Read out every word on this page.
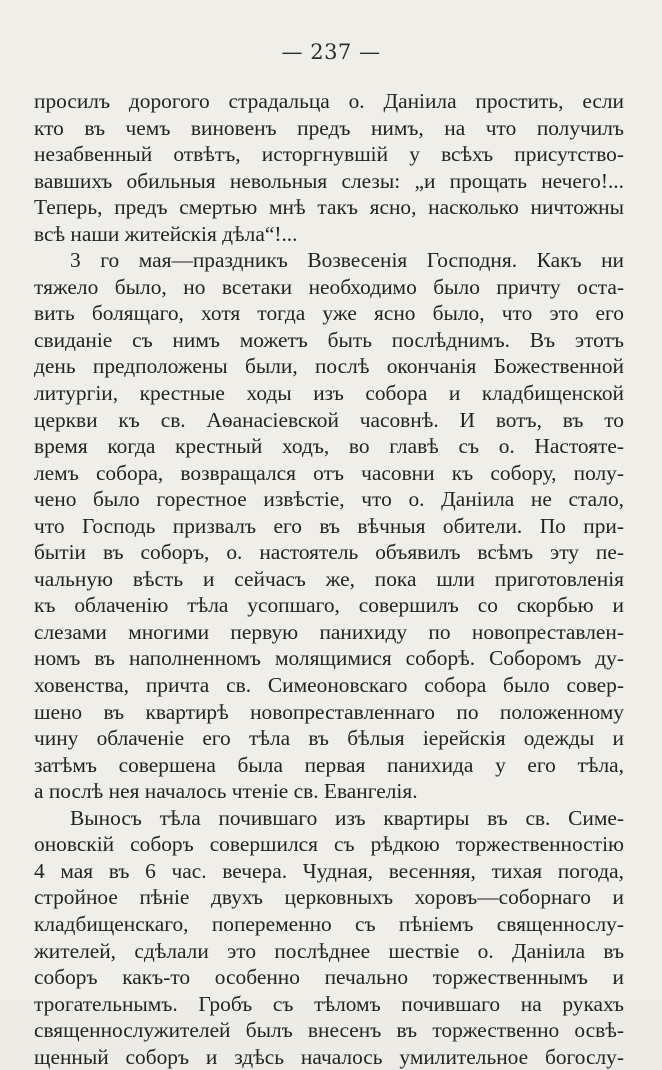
— 237 —
просилъ дорогого страдальца о. Даніила простить, если
кто въ чемъ виновенъ предъ нимъ, на что получилъ
незабвенный отвѣтъ, исторгнувшій у всѣхъ присутство-
вавшихъ обильныя невольныя слезы: „и прощать нечего!...
Теперь, предъ смертью мнѣ такъ ясно, насколько ничтожны
всѣ наши житейскія дѣла“!...
3 го мая—праздникъ Возвесенія Господня. Какъ ни
тяжело было, но всетаки необходимо было причту оста-
вить болящаго, хотя тогда уже ясно было, что это его
свиданіе съ нимъ можетъ быть послѣднимъ. Въ этотъ
день предположены были, послѣ окончанія Божественной
литургіи, крестные ходы изъ собора и кладбищенской
церкви къ св. Аѳанасіевской часовнѣ. И вотъ, въ то
время когда крестный ходъ, во главѣ съ о. Настояте-
лемъ собора, возвращался отъ часовни къ собору, полу-
чено было горестное извѣстіе, что о. Даніила не стало,
что Господь призвалъ его въ вѣчныя обители. По при-
бытіи въ соборъ, о. настоятель объявилъ всѣмъ эту пе-
чальную вѣсть и сейчасъ же, пока шли приготовленія
къ облаченію тѣла усопшаго, совершилъ со скорбью и
слезами многими первую панихиду по новопреставлен-
номъ въ наполненномъ молящимися соборѣ. Соборомъ ду-
ховенства, причта св. Симеоновскаго собора было совер-
шено въ квартирѣ новопреставленнаго по положенному
чину облаченіе его тѣла въ бѣлыя іерейскія одежды и
затѣмъ совершена была первая панихида у его тѣла,
а послѣ нея началось чтеніе св. Евангелія.
Выносъ тѣла почившаго изъ квартиры въ св. Симе-
оновскій соборъ совершился съ рѣдкою торжественностію
4 мая въ 6 час. вечера. Чудная, весенняя, тихая погода,
стройное пѣніе двухъ церковныхъ хоровъ—соборнаго и
кладбищенскаго, попеременно съ пѣніемъ священнослу-
жителей, сдѣлали это послѣднее шествіе о. Даніила въ
соборъ какъ-то особенно печально торжественнымъ и
трогательнымъ. Гробъ съ тѣломъ почившаго на рукахъ
священнослужителей былъ внесенъ въ торжественно освѣ-
щенный соборъ и здѣсь началось умилительное богослу-
